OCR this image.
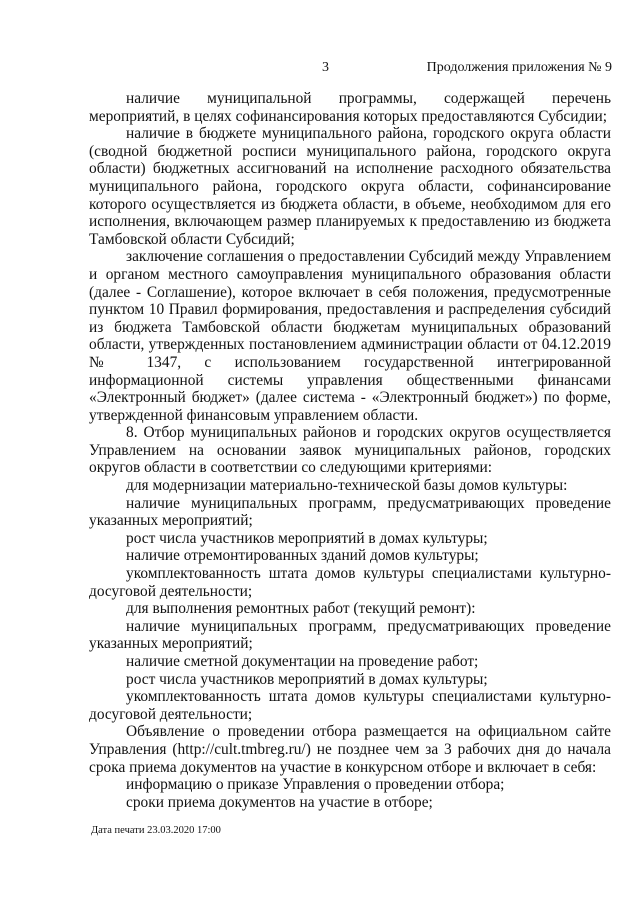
3	Продолжения приложения № 9

наличие муниципальной программы, содержащей перечень мероприятий, в целях софинансирования которых предоставляются Субсидии;

наличие в бюджете муниципального района, городского округа области (сводной бюджетной росписи муниципального района, городского округа области) бюджетных ассигнований на исполнение расходного обязательства муниципального района, городского округа области, софинансирование которого осуществляется из бюджета области, в объеме, необходимом для его исполнения, включающем размер планируемых к предоставлению из бюджета Тамбовской области Субсидий;

заключение соглашения о предоставлении Субсидий между Управлением и органом местного самоуправления муниципального образования области (далее - Соглашение), которое включает в себя положения, предусмотренные пунктом 10 Правил формирования, предоставления и распределения субсидий из бюджета Тамбовской области бюджетам муниципальных образований области, утвержденных постановлением администрации области от 04.12.2019 № 1347, с использованием государственной интегрированной информационной системы управления общественными финансами «Электронный бюджет» (далее система - «Электронный бюджет») по форме, утвержденной финансовым управлением области.

8. Отбор муниципальных районов и городских округов осуществляется Управлением на основании заявок муниципальных районов, городских округов области в соответствии со следующими критериями:

для модернизации материально-технической базы домов культуры:

наличие муниципальных программ, предусматривающих проведение указанных мероприятий;

рост числа участников мероприятий в домах культуры;

наличие отремонтированных зданий домов культуры;

укомплектованность штата домов культуры специалистами культурно-досуговой деятельности;

для выполнения ремонтных работ (текущий ремонт):

наличие муниципальных программ, предусматривающих проведение указанных мероприятий;

наличие сметной документации на проведение работ;

рост числа участников мероприятий в домах культуры;

укомплектованность штата домов культуры специалистами культурно-досуговой деятельности;

Объявление о проведении отбора размещается на официальном сайте Управления (http://cult.tmbreg.ru/) не позднее чем за 3 рабочих дня до начала срока приема документов на участие в конкурсном отборе и включает в себя:

информацию о приказе Управления о проведении отбора;

сроки приема документов на участие в отборе;

Дата печати 23.03.2020 17:00
